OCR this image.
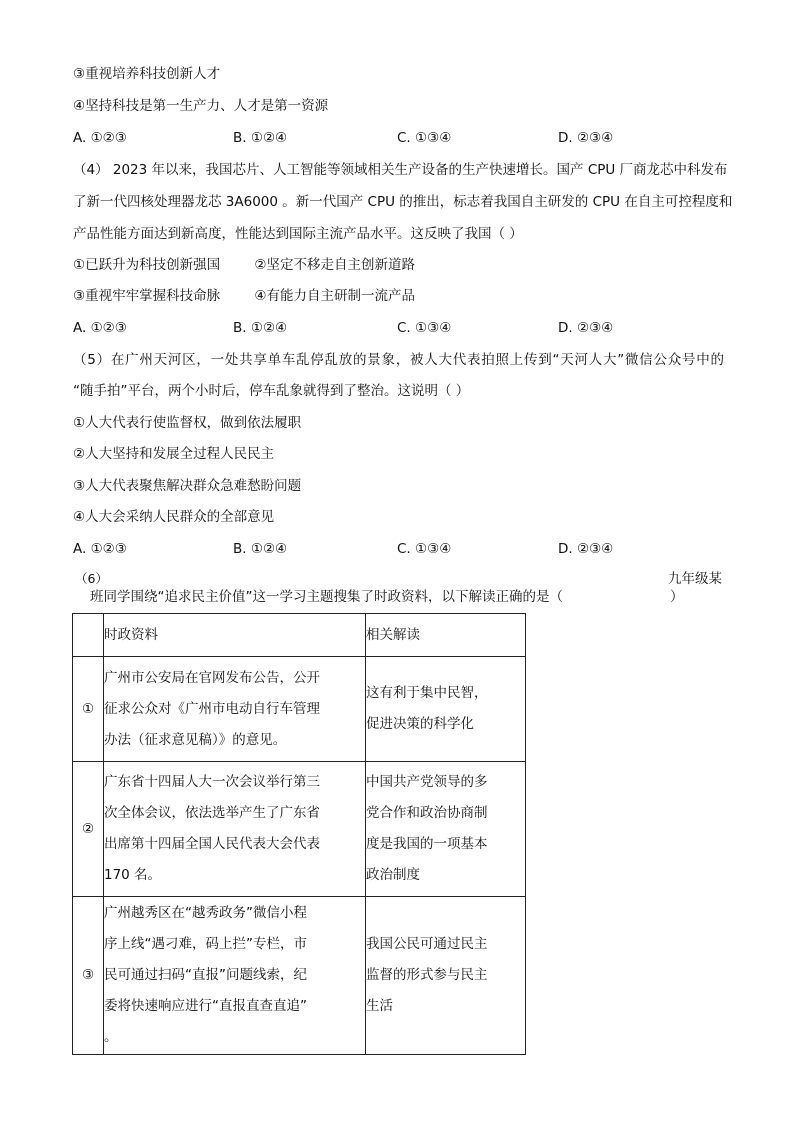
③重视培养科技创新人才
④坚持科技是第一生产力、人才是第一资源
A. ①②③	B. ①②④	C. ①③④	D. ②③④
（4） 2023 年以来，我国芯片、人工智能等领域相关生产设备的生产快速增长。国产 CPU 厂商龙芯中科发布
了新一代四核处理器龙芯 3A6000 。新一代国产 CPU 的推出，标志着我国自主研发的 CPU 在自主可控程度和
产品性能方面达到新高度，性能达到国际主流产品水平。这反映了我国（ ）
①已跃升为科技创新强国        ②坚定不移走自主创新道路
③重视牢牢掌握科技命脉        ④有能力自主研制一流产品
A. ①②③	B. ①②④	C. ①③④	D. ②③④
（5）在广州天河区，一处共享单车乱停乱放的景象，被人大代表拍照上传到“天河人大”微信公众号中的
“随手拍”平台，两个小时后，停车乱象就得到了整治。这说明（ ）
①人大代表行使监督权，做到依法履职
②人大坚持和发展全过程人民民主
③人大代表聚焦解决群众急难愁盼问题
④人大会采纳人民群众的全部意见
A. ①②③	B. ①②④	C. ①③④	D. ②③④
（6）	九年级某
班同学围绕“追求民主价值”这一学习主题搜集了时政资料，以下解读正确的是（	）
	时政资料	相关解读
①	广州市公安局在官网发布公告，公开
征求公众对《广州市电动自行车管理
办法（征求意见稿）》的意见。	这有利于集中民智，
促进决策的科学化

②	广东省十四届人大一次会议举行第三
次全体会议，依法选举产生了广东省
出席第十四届全国人民代表大会代表
170 名。	中国共产党领导的多
党合作和政治协商制
度是我国的一项基本
政治制度

③	广州越秀区在“越秀政务”微信小程
序上线“遇刁难，码上拦”专栏，市
民可通过扫码“直报”问题线索，纪
委将快速响应进行“直报直查直追”
。	我国公民可通过民主
监督的形式参与民主
生活
